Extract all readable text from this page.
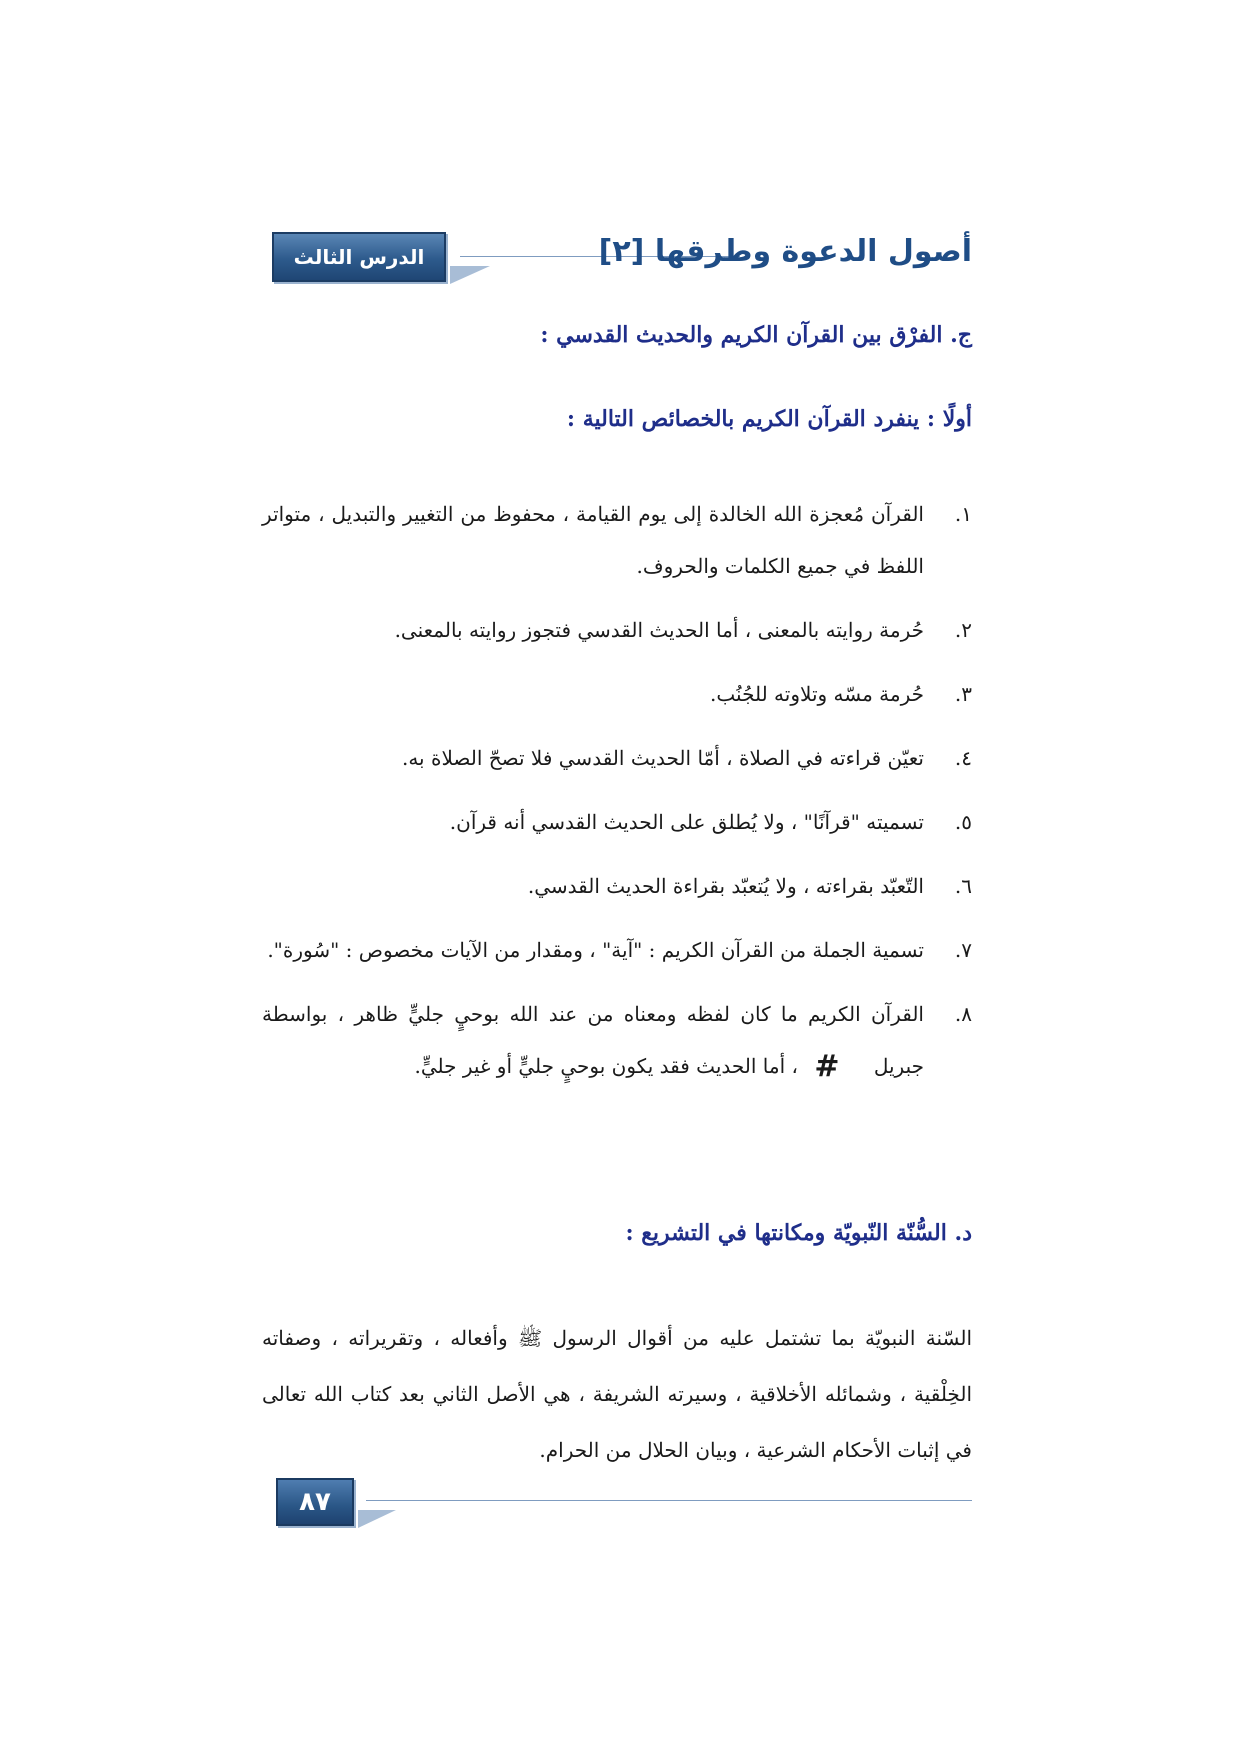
الدرس الثالث	أصول الدعوة وطرقها [٢]
ج. الفرْق بين القرآن الكريم والحديث القدسي :
أولًا : ينفرد القرآن الكريم بالخصائص التالية :
١.
القرآن مُعجزة الله الخالدة إلى يوم القيامة ، محفوظ من التغيير والتبديل ، متواتر اللفظ في جميع الكلمات والحروف.
٢.
حُرمة روايته بالمعنى ، أما الحديث القدسي فتجوز روايته بالمعنى.
٣.
حُرمة مسّه وتلاوته للجُنُب.
٤.
تعيّن قراءته في الصلاة ، أمّا الحديث القدسي فلا تصحّ الصلاة به.
٥.
تسميته "قرآنًا" ، ولا يُطلق على الحديث القدسي أنه قرآن.
٦.
التّعبّد بقراءته ، ولا يُتعبّد بقراءة الحديث القدسي.
٧.
تسمية الجملة من القرآن الكريم : "آية" ، ومقدار من الآيات مخصوص : "سُورة".
٨.
القرآن الكريم ما كان لفظه ومعناه من عند الله بوحيٍ جليٍّ ظاهر ، بواسطة جبريل # ، أما الحديث فقد يكون بوحيٍ جليٍّ أو غير جليٍّ.
د. السُّنّة النّبويّة ومكانتها في التشريع :

السّنة النبويّة بما تشتمل عليه من أقوال الرسول ﷺ وأفعاله ، وتقريراته ، وصفاته الخِلْقية ، وشمائله الأخلاقية ، وسيرته الشريفة ، هي الأصل الثاني بعد كتاب الله تعالى في إثبات الأحكام الشرعية ، وبيان الحلال من الحرام.

٨٧
